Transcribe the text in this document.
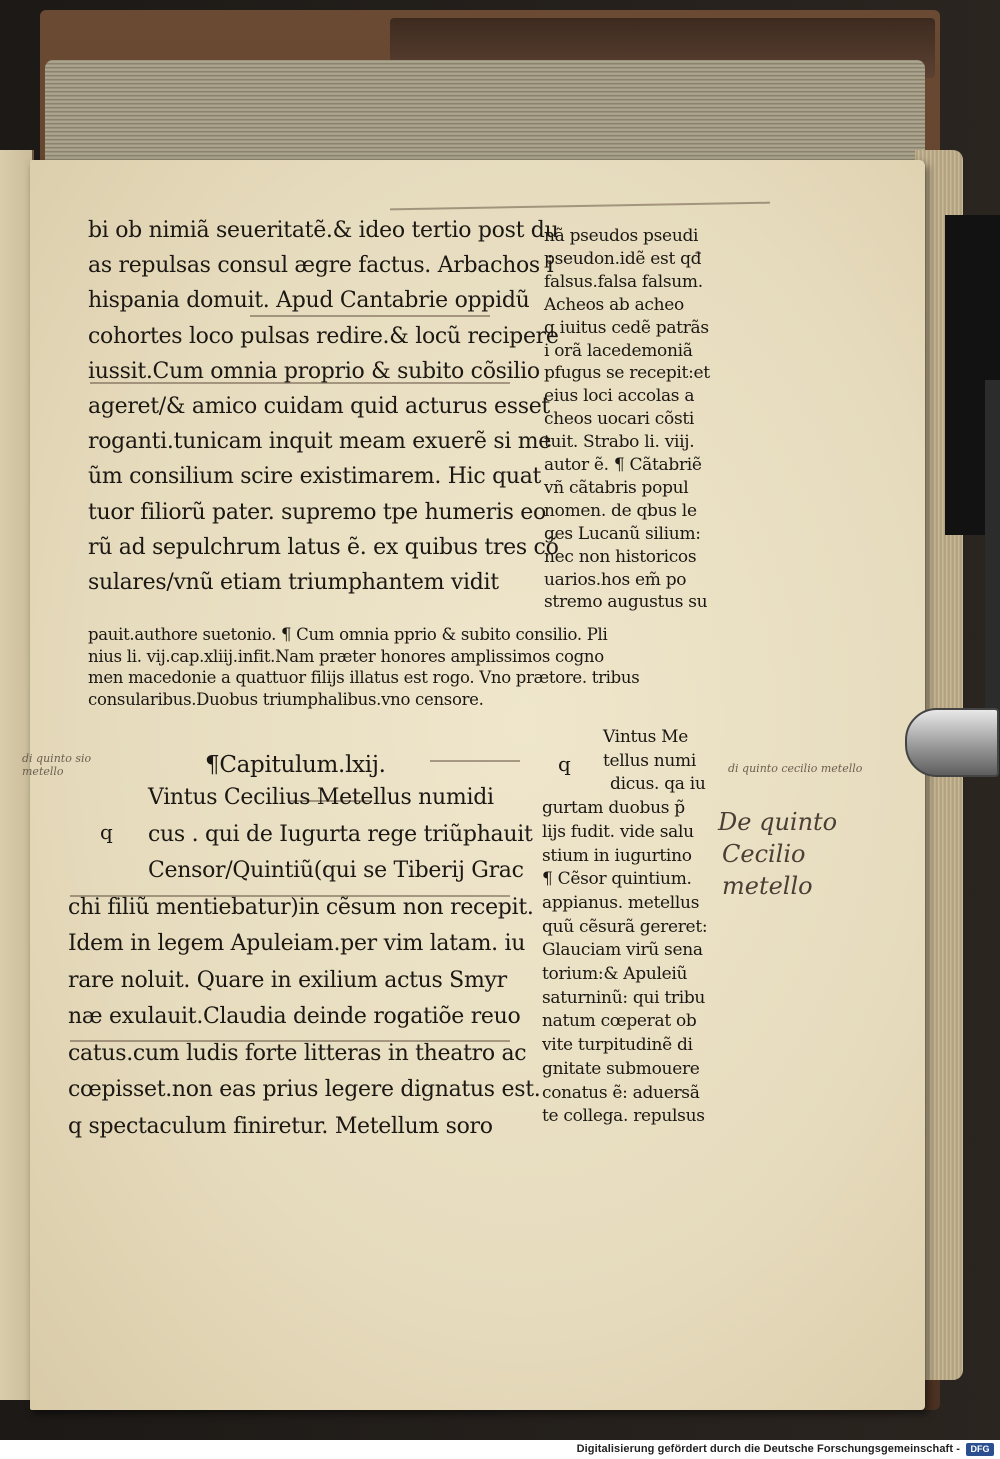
¶Capitulum.lxij.
q
q
di quinto sio metello	di quinto cecilio metello
De quinto
Cecilio
metello
bi ob nimiã seueritatẽ.& ideo tertio post du
as repulsas consul ægre factus. Arbachos i
hispania domuit. Apud Cantabrie oppidũ
cohortes loco pulsas redire.& locũ recipere
iussit.Cum omnia proprio & subito cõsilio
ageret/& amico cuidam quid acturus esset
roganti.tunicam inquit meam exuerẽ si me
ũm consilium scire existimarem. Hic quat
tuor filiorũ pater. supremo tpe humeris eo
rũ ad sepulchrum latus ẽ. ex quibus tres cõ
sulares/vnũ etiam triumphantem vidit
nã pseudos pseudi
pseudon.idẽ est qđ
falsus.falsa falsum.
Acheos ab acheo
q iuitus cedẽ patrãs
i orã lacedemoniã
pfugus se recepit:et
eius loci accolas a
cheos uocari cõsti
tuit. Strabo li. viij.
autor ẽ. ¶ Cãtabriẽ
vñ cãtabris popul
nomen. de qbus le
ges Lucanũ silium:
nec non historicos
uarios.hos em̃ po
stremo augustus su
pauit.authore suetonio. ¶ Cum omnia pprio & subito consilio. Pli
nius li. vij.cap.xliij.infit.Nam præter honores amplissimos cogno
men macedonie a quattuor filijs illatus est rogo. Vno prætore. tribus
consularibus.Duobus triumphalibus.vno censore.
Vintus Cecilius Metellus numidi
cus . qui de Iugurta rege triũphauit
Censor/Quintiũ(qui se Tiberij Grac
chi filiũ mentiebatur)in cẽsum non recepit.
Idem in legem Apuleiam.per vim latam. iu
rare noluit. Quare in exilium actus Smyr
næ exulauit.Claudia deinde rogatiõe reuo
catus.cum ludis forte litteras in theatro ac
cœpisset.non eas prius legere dignatus est.
q spectaculum finiretur. Metellum soro
Vintus Me
tellus numi
dicus. qa iu
gurtam duobus p̃
lijs fudit. vide salu
stium in iugurtino
¶ Cẽsor quintium.
appianus. metellus
quũ cẽsurã gereret:
Glauciam virũ sena
torium:& Apuleiũ
saturninũ: qui tribu
natum cœperat ob
vite turpitudinẽ di
gnitate submouere
conatus ẽ: aduersã
te collega. repulsus
Digitalisierung gefördert durch die Deutsche Forschungsgemeinschaft -	DFG
